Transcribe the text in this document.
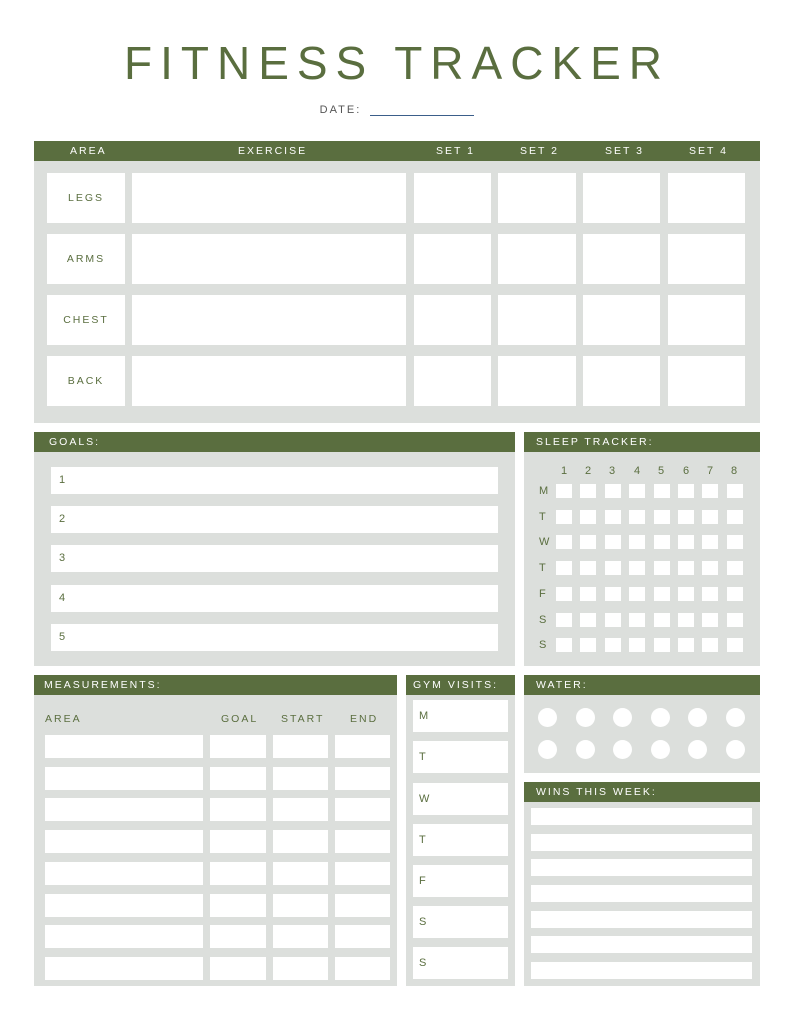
FITNESS TRACKER
DATE:
AREA	EXERCISE	SET 1	SET 2	SET 3	SET 4
LEGS
ARMS
CHEST
BACK
GOALS:
1
2
3
4
5
SLEEP TRACKER:
1 2 3 4 5 6 7 8
M
T
W
T
F
S
S
MEASUREMENTS:
AREA	GOAL START END
GYM VISITS:
M
T
W
T
F
S
S
WATER:
WINS THIS WEEK:
